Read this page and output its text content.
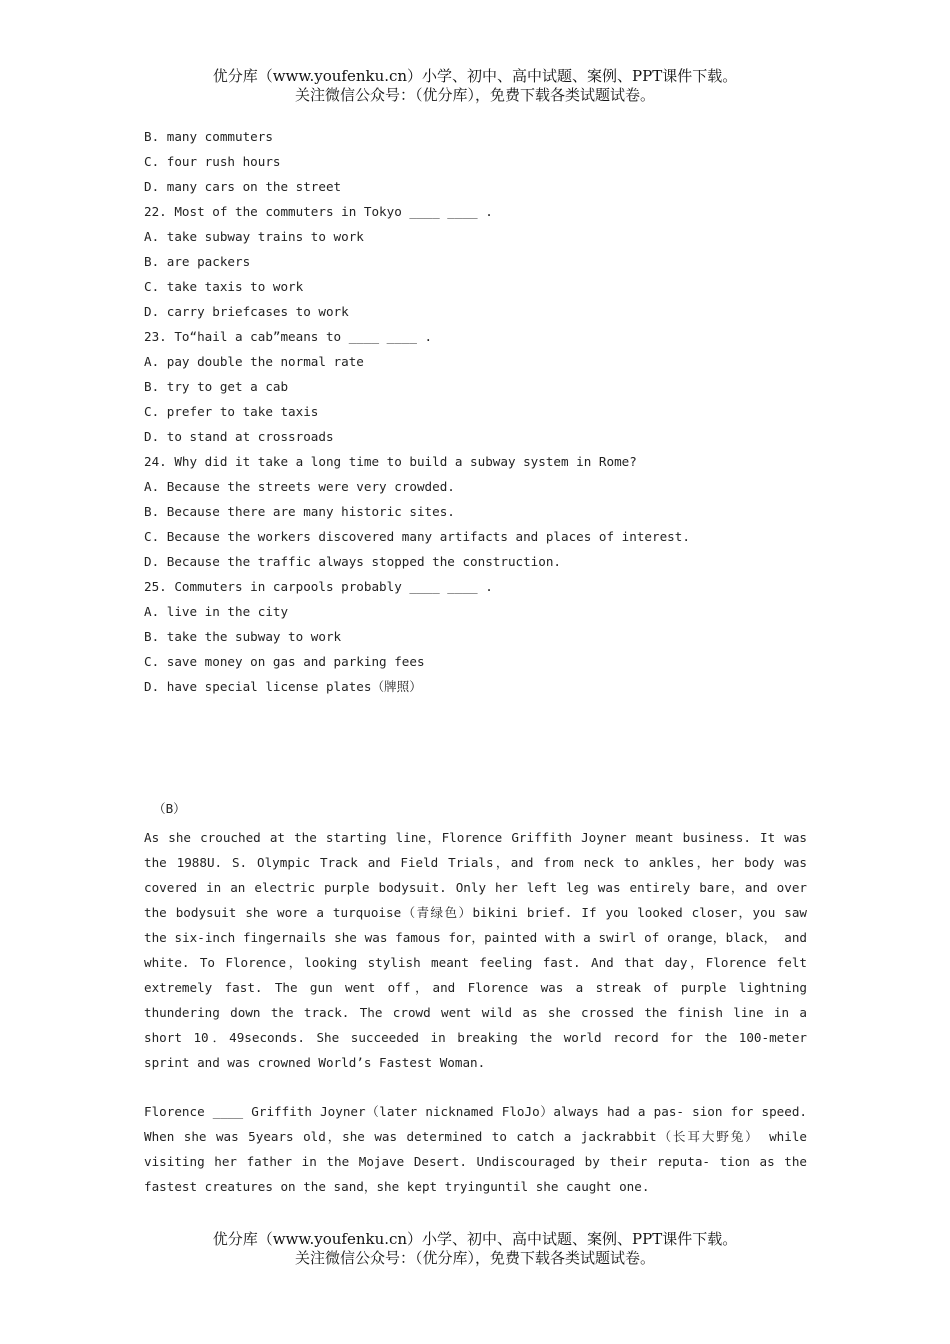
优分库（www.youfenku.cn）小学、初中、高中试题、案例、PPT课件下载。
关注微信公众号：（优分库），免费下载各类试题试卷。
B. many commuters
C. four rush hours
D. many cars on the street
22. Most of the commuters in Tokyo ____ ____ .
A. take subway trains to work
B. are packers
C. take taxis to work
D. carry briefcases to work
23. To“hail a cab”means to ____ ____ .
A. pay double the normal rate
B. try to get a cab
C. prefer to take taxis
D. to stand at crossroads
24. Why did it take a long time to build a subway system in Rome?
A. Because the streets were very crowded.
B. Because there are many historic sites.
C. Because the workers discovered many artifacts and places of interest.
D. Because the traffic always stopped the construction.
25. Commuters in carpools probably ____ ____ .
A. live in the city
B. take the subway to work
C. save money on gas and parking fees
D. have special license plates（牌照）
（B）

As she crouched at the starting line，Florence Griffith Joyner meant business. It was the 1988U. S. Olympic Track and Field Trials，and from neck to ankles，her body was covered in an electric purple bodysuit. Only her left leg was entirely bare，and over the bodysuit she wore a turquoise（青绿色）bikini brief. If you looked closer，you saw the six-inch fingernails she was famous for，painted with a swirl of orange，black， and white. To Florence，looking stylish meant feeling fast. And that day，Florence felt extremely fast. The gun went off，and Florence was a streak of purple lightning thundering down the track. The crowd went wild as she crossed the finish line in a short 10．49seconds. She succeeded in breaking the world record for the 100-meter sprint and was crowned World’s Fastest Woman.

Florence ____ Griffith Joyner（later nicknamed FloJo）always had a pas- sion for speed. When she was 5years old，she was determined to catch a jackrabbit（长耳大野兔） while visiting her father in the Mojave Desert. Undiscouraged by their reputa- tion as the fastest creatures on the sand，she kept tryinguntil she caught one.

优分库（www.youfenku.cn）小学、初中、高中试题、案例、PPT课件下载。
关注微信公众号：（优分库），免费下载各类试题试卷。
